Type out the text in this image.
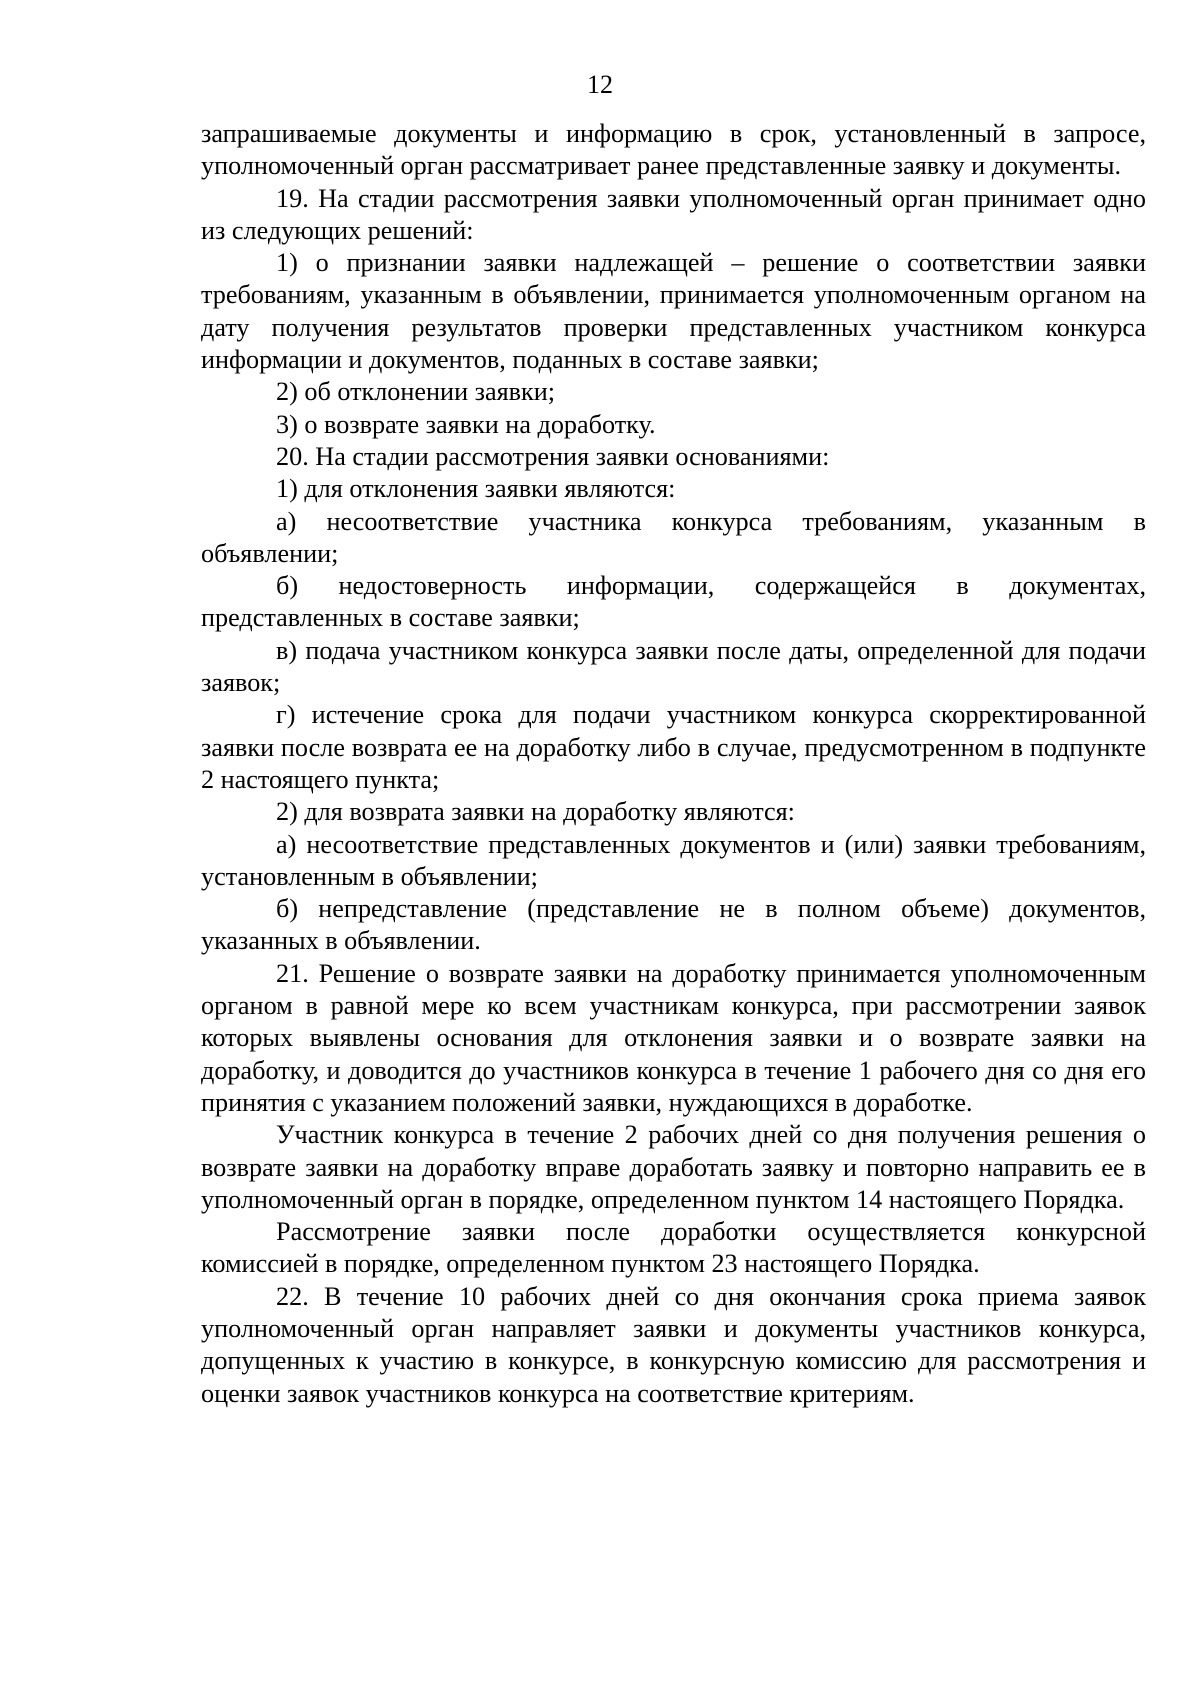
12

запрашиваемые документы и информацию в срок, установленный в запросе, уполномоченный орган рассматривает ранее представленные заявку и документы.

19. На стадии рассмотрения заявки уполномоченный орган принимает одно из следующих решений:

1) о признании заявки надлежащей – решение о соответствии заявки требованиям, указанным в объявлении, принимается уполномоченным органом на дату получения результатов проверки представленных участником конкурса информации и документов, поданных в составе заявки;

2) об отклонении заявки;

3) о возврате заявки на доработку.

20. На стадии рассмотрения заявки основаниями:

1) для отклонения заявки являются:

а) несоответствие участника конкурса требованиям, указанным в объявлении;

б) недостоверность информации, содержащейся в документах, представленных в составе заявки;

в) подача участником конкурса заявки после даты, определенной для подачи заявок;

г) истечение срока для подачи участником конкурса скорректированной заявки после возврата ее на доработку либо в случае, предусмотренном в подпункте 2 настоящего пункта;

2) для возврата заявки на доработку являются:

а) несоответствие представленных документов и (или) заявки требованиям, установленным в объявлении;

б) непредставление (представление не в полном объеме) документов, указанных в объявлении.

21. Решение о возврате заявки на доработку принимается уполномоченным органом в равной мере ко всем участникам конкурса, при рассмотрении заявок которых выявлены основания для отклонения заявки и о возврате заявки на доработку, и доводится до участников конкурса в течение 1 рабочего дня со дня его принятия с указанием положений заявки, нуждающихся в доработке.

Участник конкурса в течение 2 рабочих дней со дня получения решения о возврате заявки на доработку вправе доработать заявку и повторно направить ее в уполномоченный орган в порядке, определенном пунктом 14 настоящего Порядка.

Рассмотрение заявки после доработки осуществляется конкурсной комиссией в порядке, определенном пунктом 23 настоящего Порядка.

22. В течение 10 рабочих дней со дня окончания срока приема заявок уполномоченный орган направляет заявки и документы участников конкурса, допущенных к участию в конкурсе, в конкурсную комиссию для рассмотрения и оценки заявок участников конкурса на соответствие критериям.
